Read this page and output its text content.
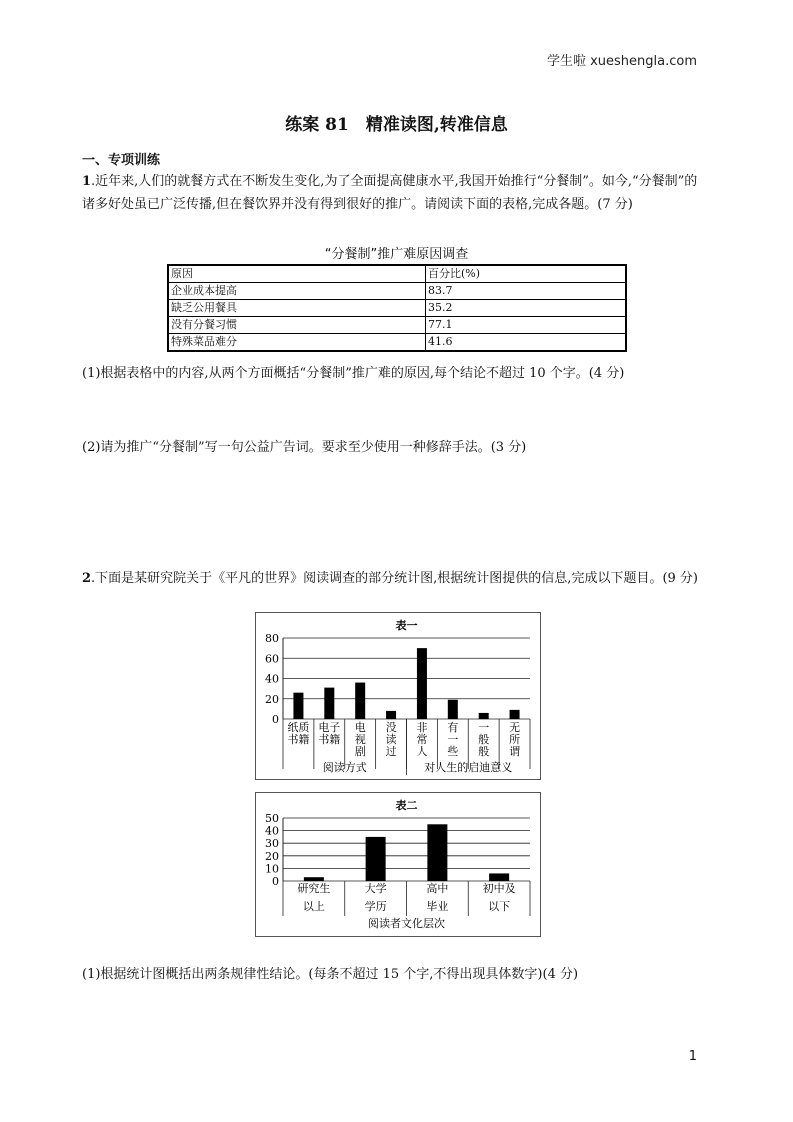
学生啦 xueshengla.com
练案 81　精准读图,转准信息
一、专项训练

1.近年来,人们的就餐方式在不断发生变化,为了全面提高健康水平,我国开始推行“分餐制”。如今,“分餐制”的诸多好处虽已广泛传播,但在餐饮界并没有得到很好的推广。请阅读下面的表格,完成各题。(7 分)

“分餐制”推广难原因调查
原因	百分比(%)
企业成本提高	83.7
缺乏公用餐具	35.2
没有分餐习惯	77.1
特殊菜品难分	41.6
(1)根据表格中的内容,从两个方面概括“分餐制”推广难的原因,每个结论不超过 10 个字。(4 分)
(2)请为推广“分餐制”写一句公益广告词。要求至少使用一种修辞手法。(3 分)

2.下面是某研究院关于《平凡的世界》阅读调查的部分统计图,根据统计图提供的信息,完成以下题目。(9 分)

表一
0
20
40
60
80
纸质
书籍
电子
书籍
电
视
剧
没
读
过
非
常
人
有
一
些
一
般
般
无
所
谓
阅读方式	对人生的启迪意义
表二
0
10
20
30
40
50
研究生
以上
大学
学历
高中
毕业
初中及
以下
阅读者文化层次
(1)根据统计图概括出两条规律性结论。(每条不超过 15 个字,不得出现具体数字)(4 分)
1
